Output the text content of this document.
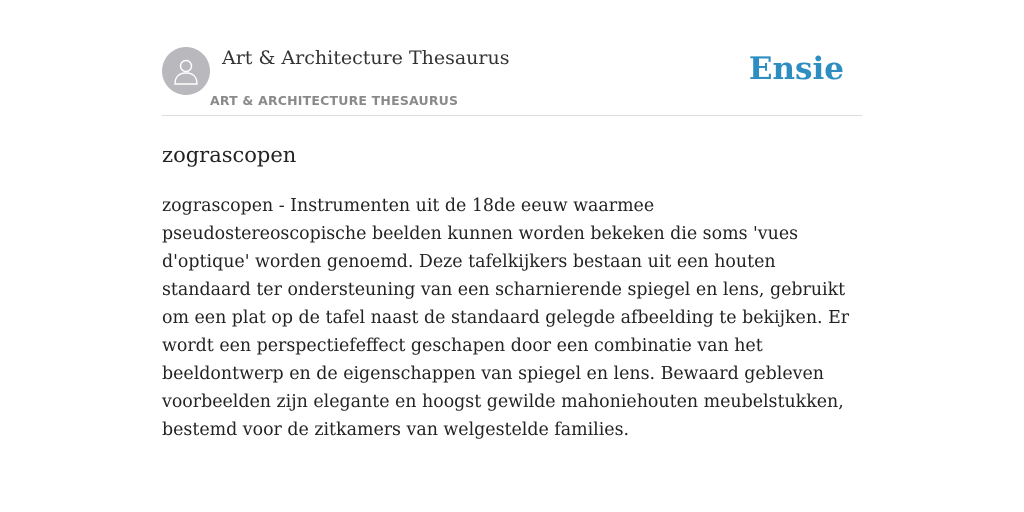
Art & Architecture Thesaurus
ART & ARCHITECTURE THESAURUS
Ensie
zograscopen

zograscopen - Instrumenten uit de 18de eeuw waarmee pseudostereoscopische beelden kunnen worden bekeken die soms 'vues d'optique' worden genoemd. Deze tafelkijkers bestaan uit een houten standaard ter ondersteuning van een scharnierende spiegel en lens, gebruikt om een plat op de tafel naast de standaard gelegde afbeelding te bekijken. Er wordt een perspectiefeffect geschapen door een combinatie van het beeldontwerp en de eigenschappen van spiegel en lens. Bewaard gebleven voorbeelden zijn elegante en hoogst gewilde mahoniehouten meubelstukken, bestemd voor de zitkamers van welgestelde families.
